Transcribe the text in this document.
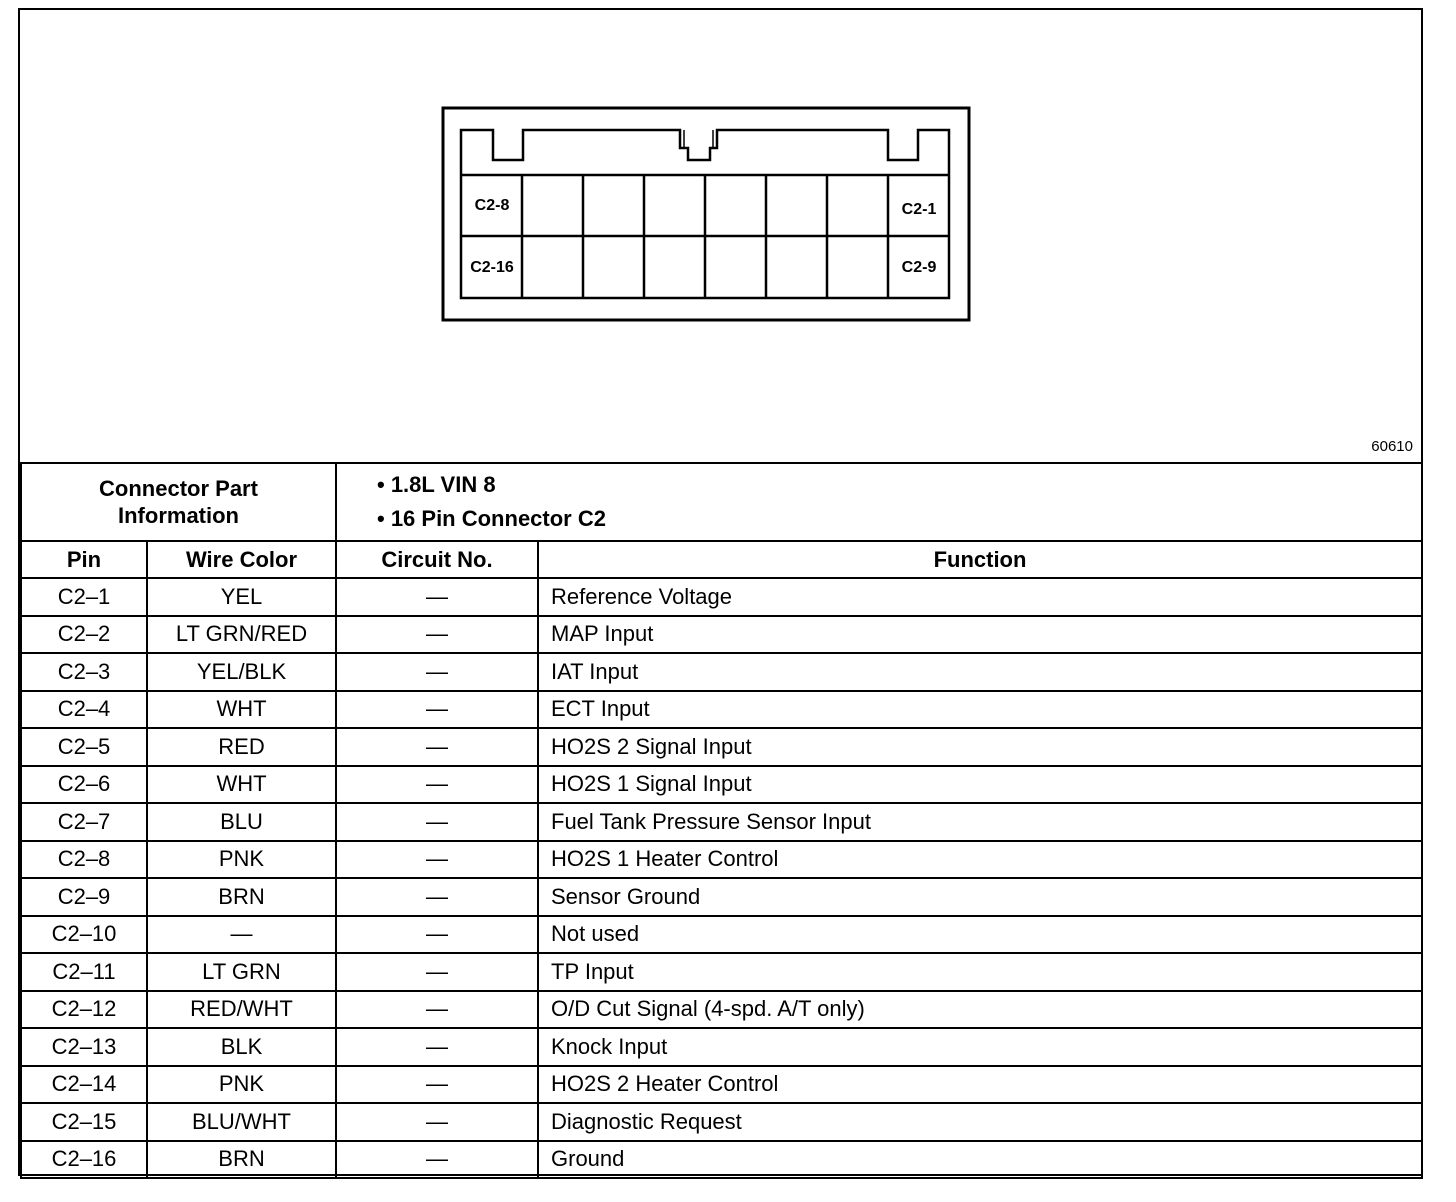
C2-8	C2-1
C2-16	C2-9
60610
Connector Part Information		• 1.8L VIN 8
• 16 Pin Connector C2	

Pin	Wire Color	Circuit No.	Function
C2–1	YEL	—	Reference Voltage
C2–2	LT GRN/RED	—	MAP Input
C2–3	YEL/BLK	—	IAT Input
C2–4	WHT	—	ECT Input
C2–5	RED	—	HO2S 2 Signal Input
C2–6	WHT	—	HO2S 1 Signal Input
C2–7	BLU	—	Fuel Tank Pressure Sensor Input
C2–8	PNK	—	HO2S 1 Heater Control
C2–9	BRN	—	Sensor Ground
C2–10	—	—	Not used
C2–11	LT GRN	—	TP Input
C2–12	RED/WHT	—	O/D Cut Signal (4-spd. A/T only)
C2–13	BLK	—	Knock Input
C2–14	PNK	—	HO2S 2 Heater Control
C2–15	BLU/WHT	—	Diagnostic Request
C2–16	BRN	—	Ground
